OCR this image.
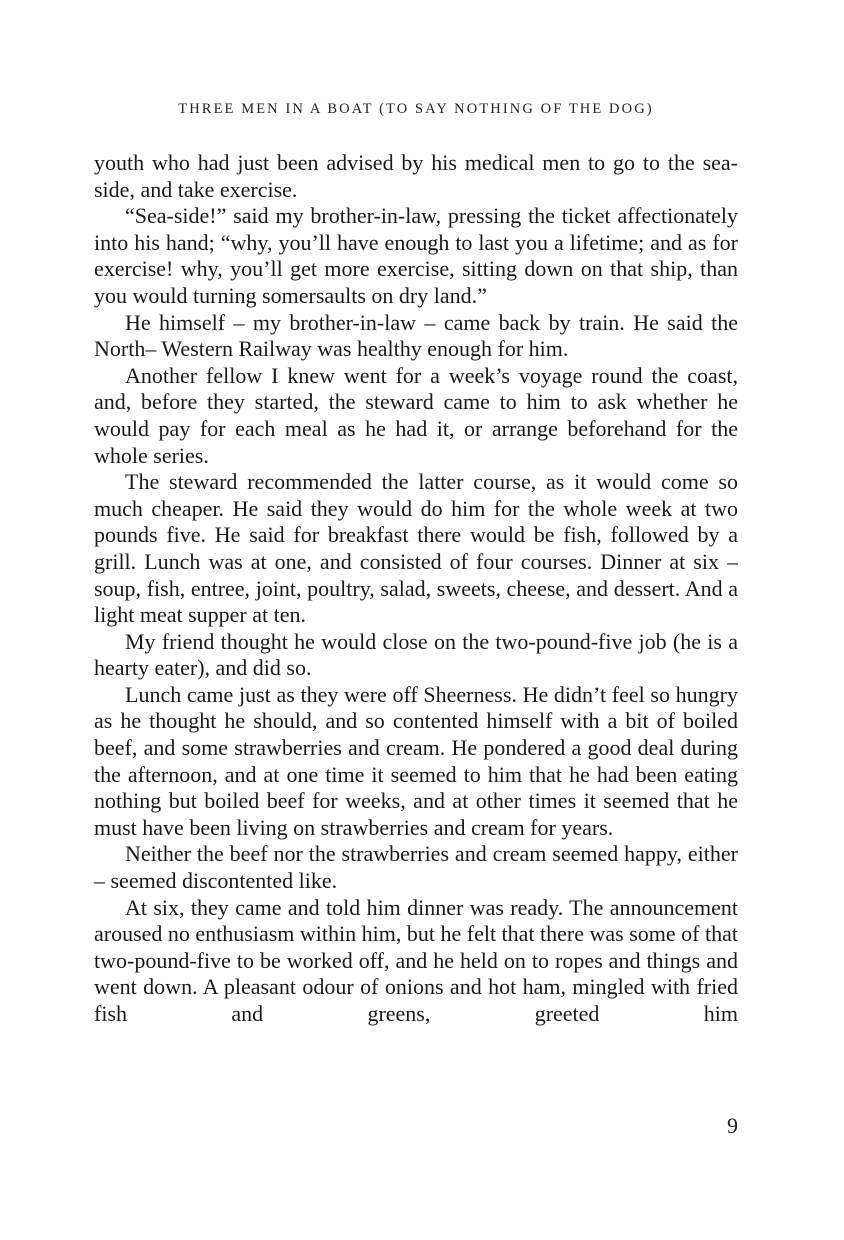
THREE MEN IN A BOAT (TO SAY NOTHING OF THE DOG)

youth who had just been advised by his medical men to go to the sea-side, and take exercise.

“Sea-side!” said my brother-in-law, pressing the ticket affectionately into his hand; “why, you’ll have enough to last you a lifetime; and as for exercise! why, you’ll get more exercise, sitting down on that ship, than you would turning somersaults on dry land.”

He himself – my brother-in-law – came back by train. He said the North– Western Railway was healthy enough for him.

Another fellow I knew went for a week’s voyage round the coast, and, before they started, the steward came to him to ask whether he would pay for each meal as he had it, or arrange beforehand for the whole series.

The steward recommended the latter course, as it would come so much cheaper. He said they would do him for the whole week at two pounds five. He said for breakfast there would be fish, followed by a grill. Lunch was at one, and consisted of four courses. Dinner at six – soup, fish, entree, joint, poultry, salad, sweets, cheese, and dessert. And a light meat supper at ten.

My friend thought he would close on the two-pound-five job (he is a hearty eater), and did so.

Lunch came just as they were off Sheerness. He didn’t feel so hungry as he thought he should, and so contented himself with a bit of boiled beef, and some strawberries and cream. He pondered a good deal during the afternoon, and at one time it seemed to him that he had been eating nothing but boiled beef for weeks, and at other times it seemed that he must have been living on strawberries and cream for years.

Neither the beef nor the strawberries and cream seemed happy, either – seemed discontented like.

At six, they came and told him dinner was ready. The announcement aroused no enthusiasm within him, but he felt that there was some of that two-pound-five to be worked off, and he held on to ropes and things and went down. A pleasant odour of onions and hot ham, mingled with fried fish and greens, greeted him

9
